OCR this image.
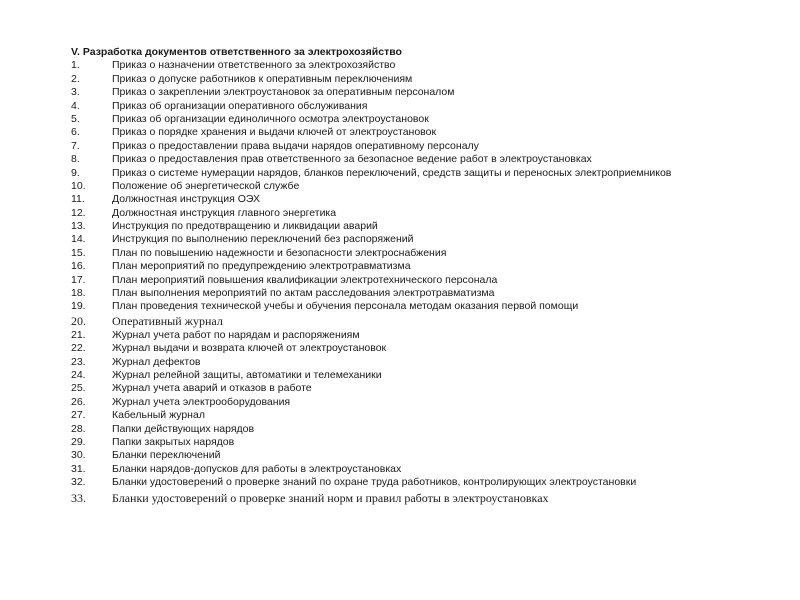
V. Разработка документов ответственного за электрохозяйство
1.	Приказ о назначении ответственного за электрохозяйство
2.	Приказ о допуске работников к оперативным переключениям
3.	Приказ о закреплении электроустановок за оперативным персоналом
4.	Приказ об организации оперативного обслуживания
5.	Приказ об организации единоличного осмотра электроустановок
6.	Приказ о порядке хранения и выдачи ключей от электроустановок
7.	Приказ о предоставлении права выдачи нарядов оперативному персоналу
8.	Приказ о предоставления прав ответственного за безопасное ведение работ в электроустановках
9.	Приказ о системе нумерации нарядов, бланков переключений, средств защиты и переносных электроприемников
10.	Положение об энергетической службе
11.	Должностная инструкция ОЭХ
12.	Должностная инструкция главного энергетика
13.	Инструкция по предотвращению и ликвидации аварий
14.	Инструкция по выполнению переключений без распоряжений
15.	План по повышению надежности и безопасности электроснабжения
16.	План мероприятий по предупреждению электротравматизма
17.	План мероприятий повышения квалификации электротехнического персонала
18.	План выполнения мероприятий по актам расследования электротравматизма
19.	План проведения технической учебы и обучения персонала методам оказания первой помощи
20.	Оперативный журнал
21.	Журнал учета работ по нарядам и распоряжениям
22.	Журнал выдачи и возврата ключей от электроустановок
23.	Журнал дефектов
24.	Журнал релейной защиты, автоматики и телемеханики
25.	Журнал учета аварий и отказов в работе
26.	Журнал учета электрооборудования
27.	Кабельный журнал
28.	Папки действующих нарядов
29.	Папки закрытых нарядов
30.	Бланки переключений
31.	Бланки нарядов-допусков для работы в электроустановках
32.	Бланки удостоверений о проверке знаний по охране труда работников, контролирующих электроустановки
33.	Бланки удостоверений о проверке знаний норм и правил работы в электроустановках
